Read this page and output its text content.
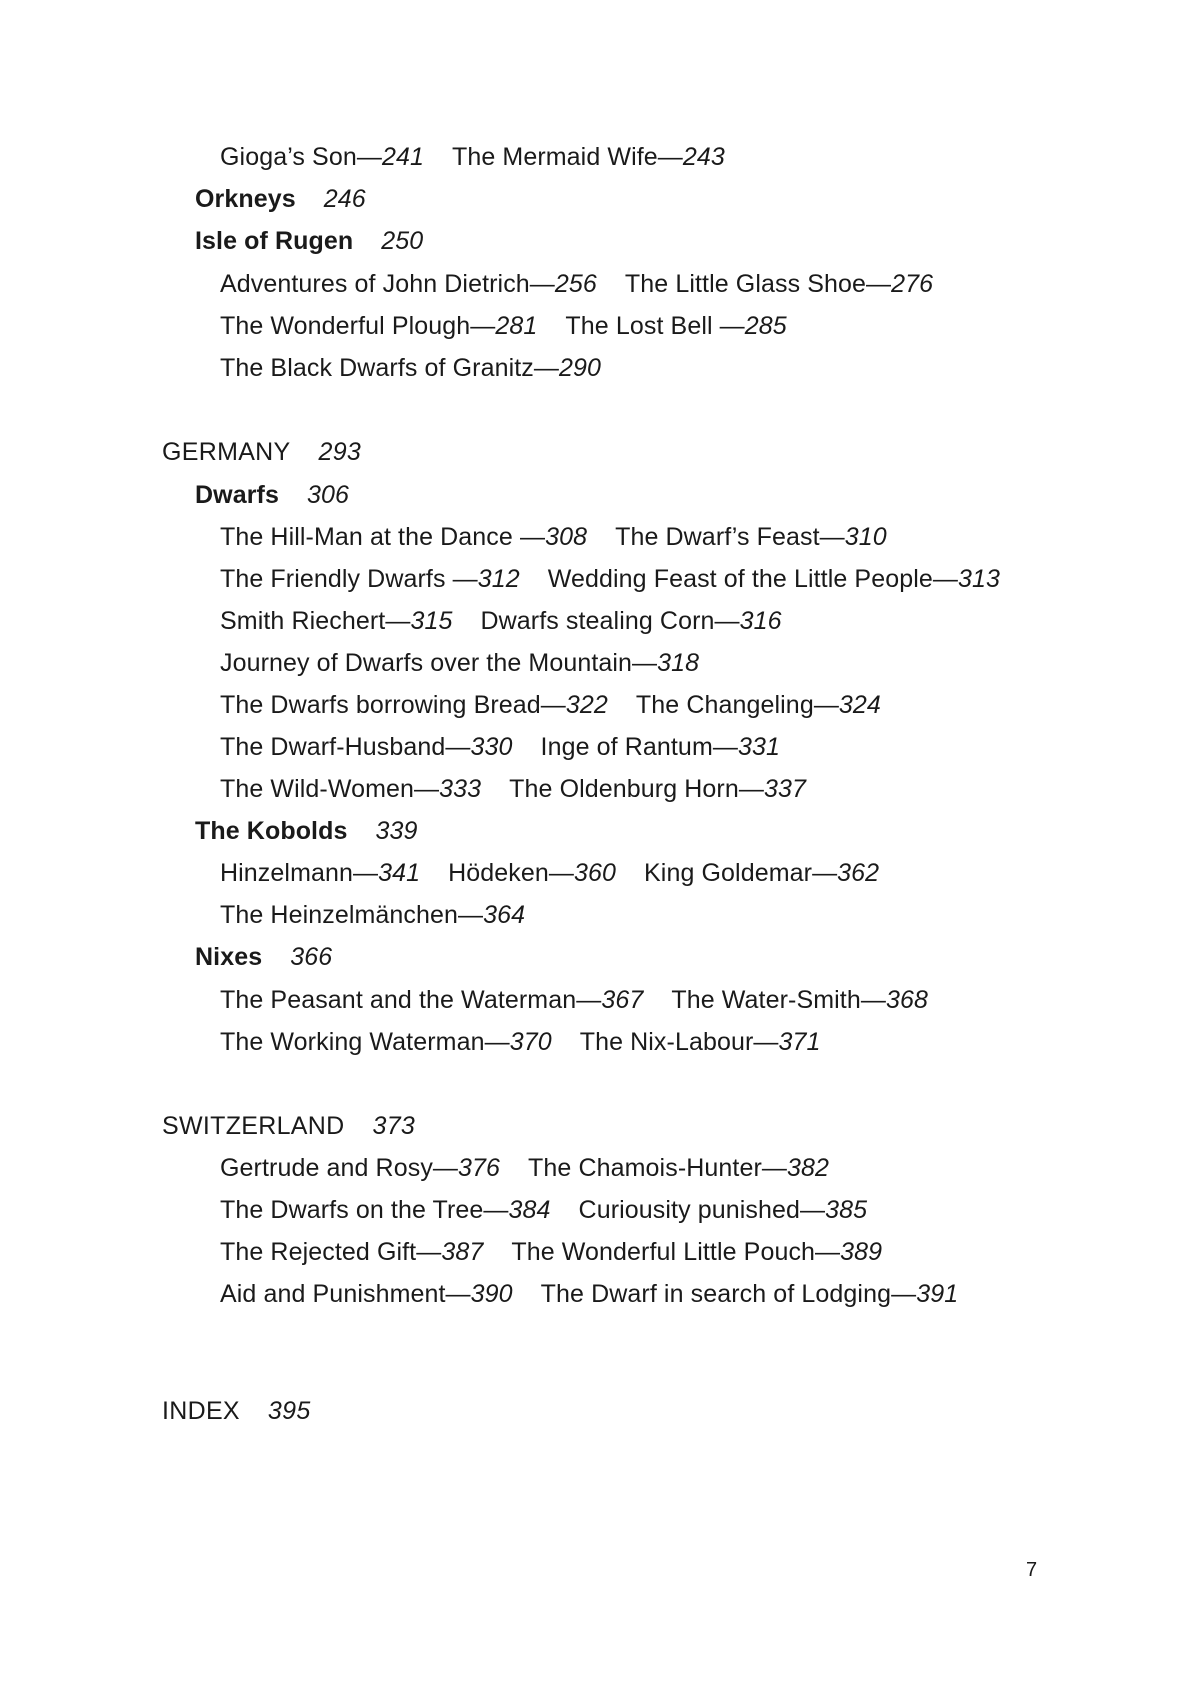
Gioga’s Son—241 The Mermaid Wife—243
Orkneys 246
Isle of Rugen 250
Adventures of John Dietrich—256 The Little Glass Shoe—276
The Wonderful Plough—281 The Lost Bell —285
The Black Dwarfs of Granitz—290
GERMANY 293
Dwarfs 306
The Hill-Man at the Dance —308 The Dwarf’s Feast—310
The Friendly Dwarfs —312 Wedding Feast of the Little People—313
Smith Riechert—315 Dwarfs stealing Corn—316
Journey of Dwarfs over the Mountain—318
The Dwarfs borrowing Bread—322 The Changeling—324
The Dwarf-Husband—330 Inge of Rantum—331
The Wild-Women—333 The Oldenburg Horn—337
The Kobolds 339
Hinzelmann—341 Hödeken—360 King Goldemar—362
The Heinzelmänchen—364
Nixes 366
The Peasant and the Waterman—367 The Water-Smith—368
The Working Waterman—370 The Nix-Labour—371
SWITZERLAND 373
Gertrude and Rosy—376 The Chamois-Hunter—382
The Dwarfs on the Tree—384 Curiousity punished—385
The Rejected Gift—387 The Wonderful Little Pouch—389
Aid and Punishment—390 The Dwarf in search of Lodging—391
INDEX 395
7
